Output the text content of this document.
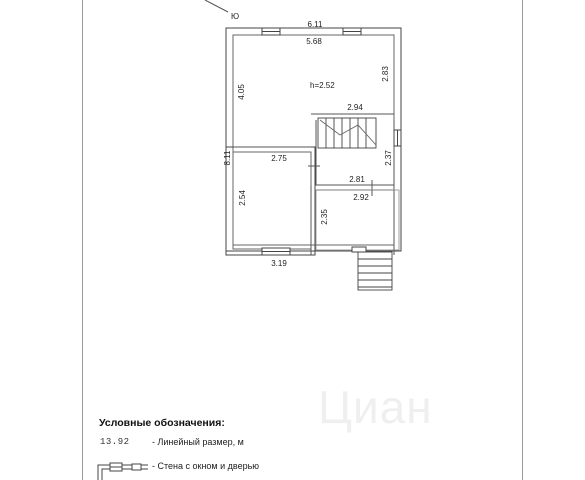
Ю
6.11
5.68
h=2.52
2.83
4.05
2.94
8.11	2.75	2.37
2.81
2.92
2.54
2.35
3.19
Циан
Условные обозначения:
13.92 - Линейный размер, м
- Стена с окном и дверью
